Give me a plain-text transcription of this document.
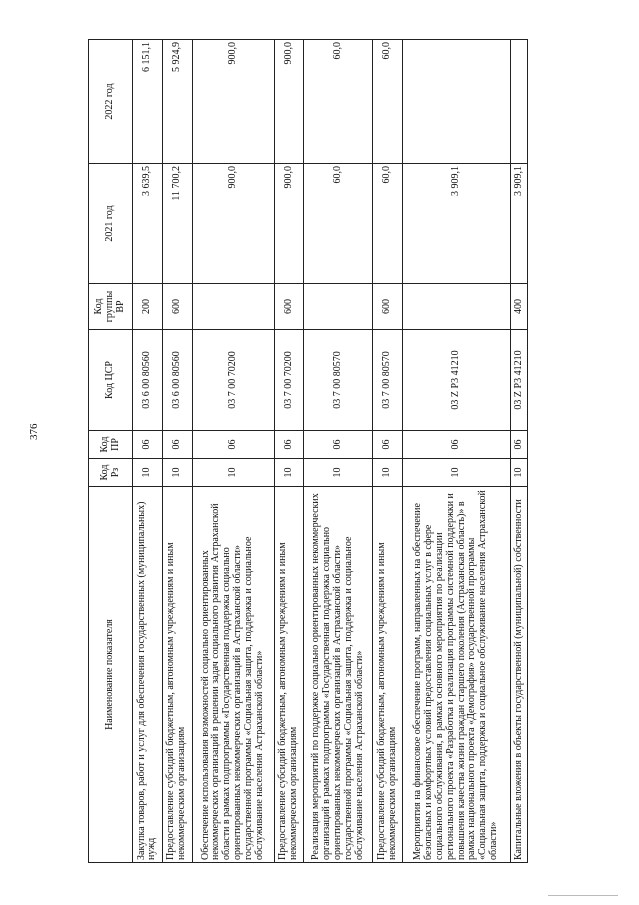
376
Наименование показателя	Код Рз	Код ПР	Код ЦСР	Код группы ВР	2021 год	2022 год
Закупка товаров, работ и услуг для обеспечения государственных (муниципальных) нужд	10	06	03 6 00 80560	200	3 639,5	6 151,1
Предоставление субсидий бюджетным, автономным учреждениям и иным некоммерческим организациям	10	06	03 6 00 80560	600	11 700,2	5 924,9
Обеспечение использования возможностей социально ориентированных некоммерческих организаций в решении задач социального развития Астраханской области в рамках подпрограммы «Государственная поддержка социально ориентированных некоммерческих организаций в Астраханской области» государственной программы «Социальная защита, поддержка и социальное обслуживание населения Астраханской области»	10	06	03 7 00 70200		900,0	900,0
Предоставление субсидий бюджетным, автономным учреждениям и иным некоммерческим организациям	10	06	03 7 00 70200	600	900,0	900,0
Реализация мероприятий по поддержке социально ориентированных некоммерческих организаций в рамках подпрограммы «Государственная поддержка социально ориентированных некоммерческих организаций в Астраханской области» государственной программы «Социальная защита, поддержка и социальное обслуживание населения Астраханской области»	10	06	03 7 00 80570		60,0	60,0
Предоставление субсидий бюджетным, автономным учреждениям и иным некоммерческим организациям	10	06	03 7 00 80570	600	60,0	60,0
Мероприятия на финансовое обеспечение программ, направленных на обеспечение безопасных и комфортных условий предоставления социальных услуг в сфере социального обслуживания, в рамках основного мероприятия по реализации регионального проекта «Разработка и реализация программы системной поддержки и повышения качества жизни граждан старшего поколения (Астраханская область)» в рамках национального проекта «Демография» государственной программы «Социальная защита, поддержка и социальное обслуживание населения Астраханской области»	10	06	03 Z P3 41210		3 909,1	
Капитальные вложения в объекты государственной (муниципальной) собственности	10	06	03 Z P3 41210	400	3 909,1	
